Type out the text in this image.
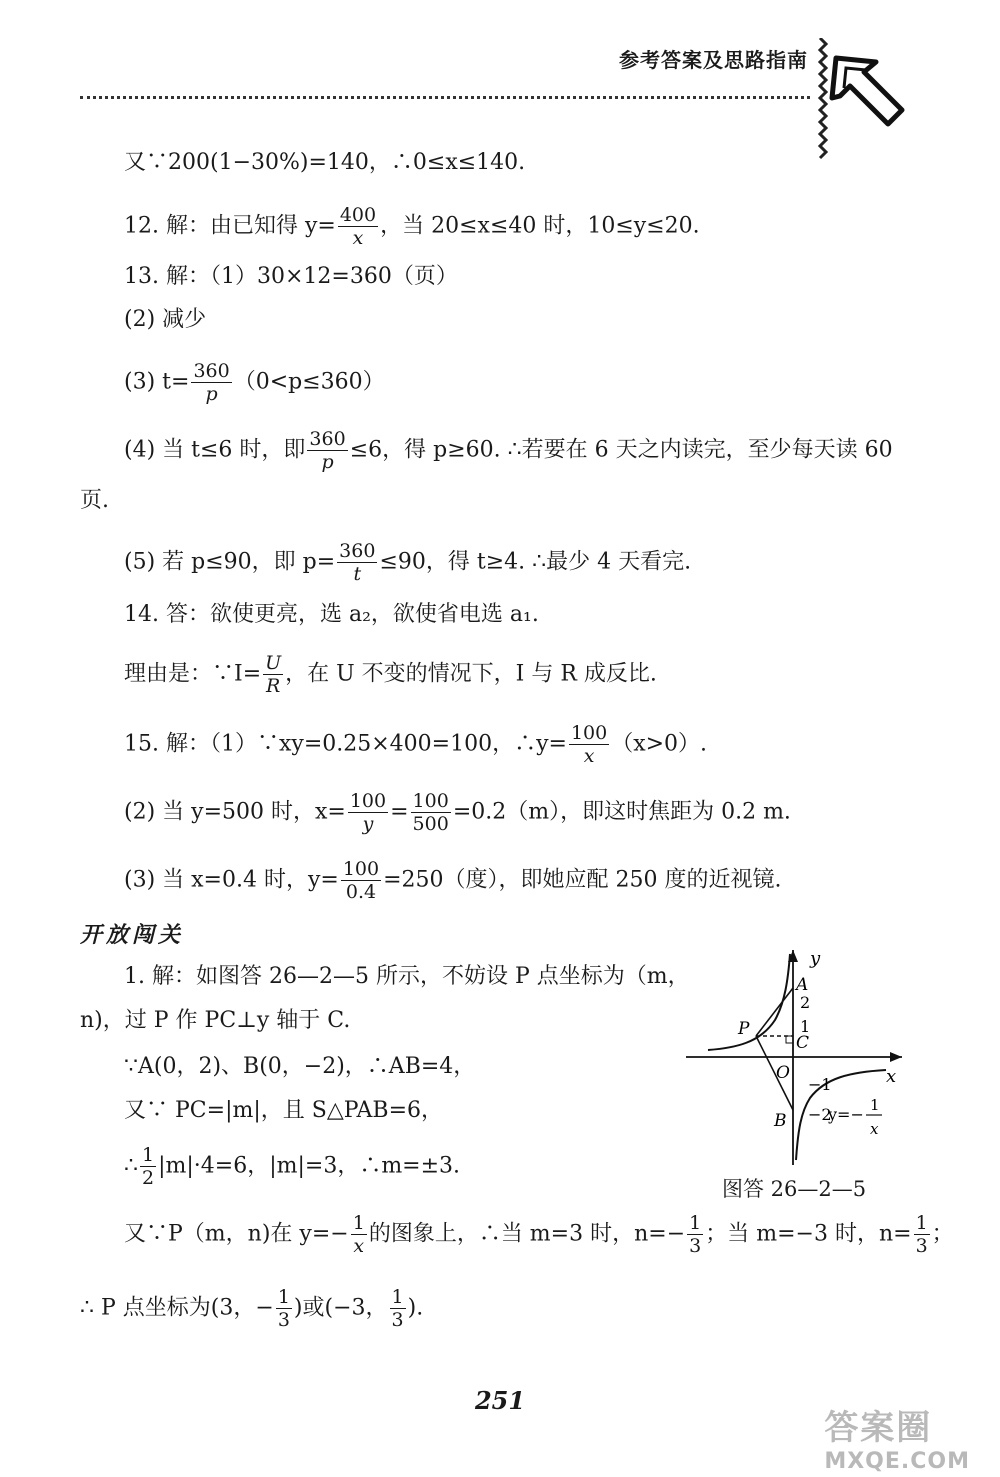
参考答案及思路指南
又∵200(1−30%)=140，∴0≤x≤140.
12. 解：由已知得 $y= \frac{400}{x}$ ，当 20≤x≤40 时，10≤y≤20.
13. 解：（1）30×12=360（页）
(2) 减少
(3) $t= \frac{360}{p} (0<p\le 360)$
(4) 当 t≤6 时，即 $\frac{360}{p} \le 6$，得 p≥60. ∴若要在 6 天之内读完，至少每天读 60
页.
(5) 若 p≤90，即 $p= \frac{360}{t} \le 90$，得 t≥4. ∴最少 4 天看完.
14. 答：欲使更亮，选 a₂，欲使省电选 a₁.
理由是：∵I= $\frac{U}{R}$ ，在 U 不变的情况下，I 与 R 成反比.
15. 解：（1）∵xy=0.25×400=100，∴y= $\frac{100}{x} (x>0)$.
(2) 当 y=500 时，$x= \frac{100}{y} = \frac{100}{500} =0.2(m)$，即这时焦距为 0.2 m.
(3) 当 x=0.4 时，$y= \frac{100}{0.4} =250$（度），即她应配 250 度的近视镜.
开放闯关
1. 解：如图答 26—2—5 所示，不妨设 P 点坐标为（m，
n)，过 P 作 PC⊥y 轴于 C.
∵A(0，2)、B(0，−2)，∴AB=4，
又∵ PC=|m|，且 S△PAB=6，
∴ $\frac{1}{2} |m|\cdot 4=6$，|m|=3，∴m=±3.
又∵P（m，n)在 $y=- \frac{1}{x}$ 的图象上，∴当 m=3 时，$n=- \frac{1}{3}$ ；当 m=−3 时，$n= \frac{1}{3}$ ；
∴ P 点坐标为(3，− $\frac{1}{3}$ )或(−3， $\frac{1}{3}$ ).
y
x
A
2
1
C
P
O
−1
B −2
y=− 1
x
图答 26—2—5
251
答案圈
MXQE.COM
